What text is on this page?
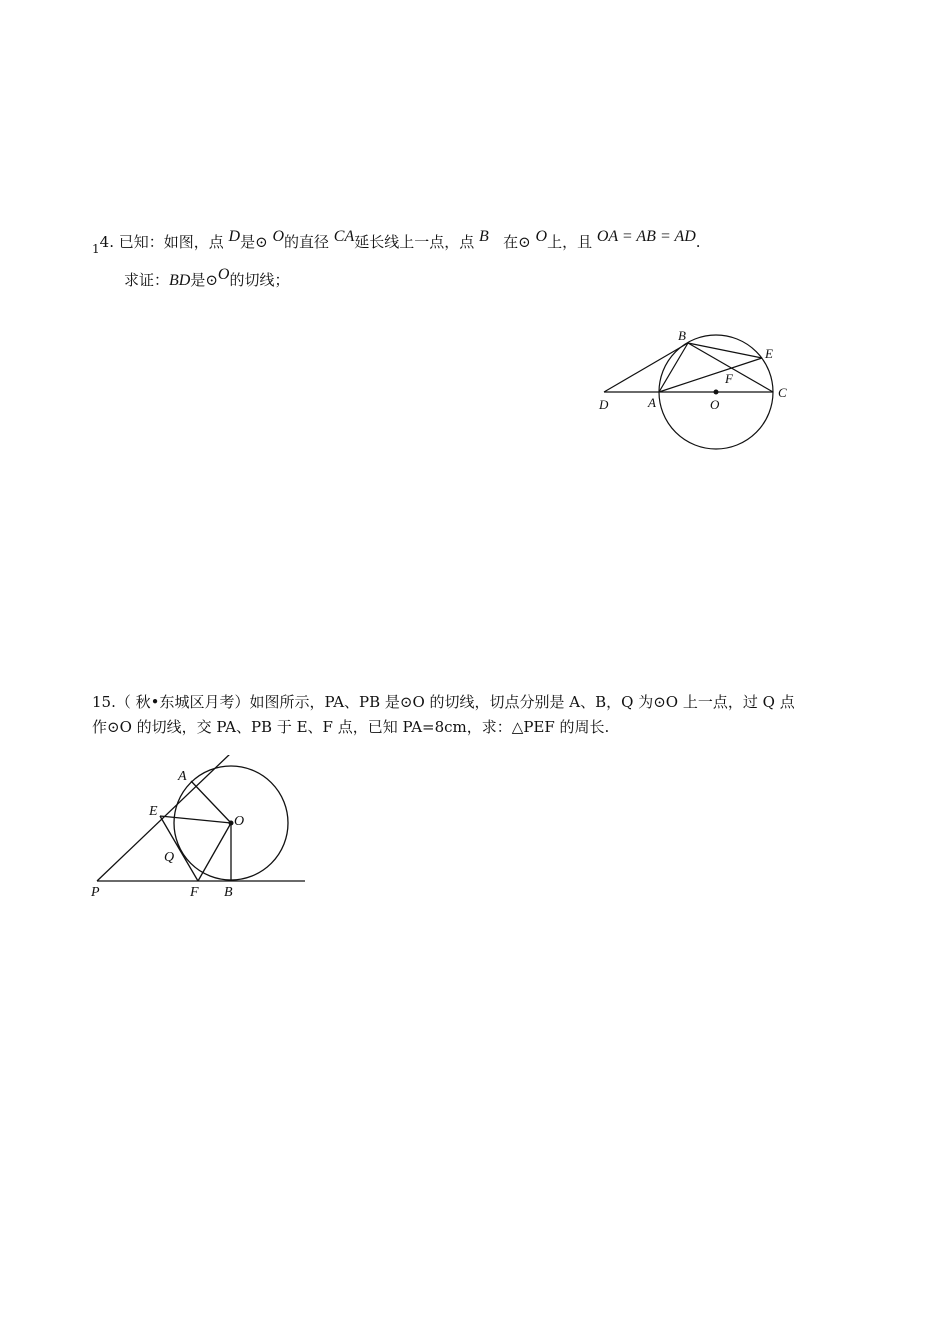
$_1$4. 已知：如图，点 D是⊙ O的直径 CA延长线上一点，点 B 在⊙ O上，且 OA = AB = AD.
求证：BD是⊙O的切线；
B
E
F
D	A	O
C
15.（ 秋•东城区月考）如图所示，PA、PB 是⊙O 的切线，切点分别是 A、B，Q 为⊙O 上一点，过 Q 点
作⊙O 的切线，交 PA、PB 于 E、F 点，已知 PA=8cm，求：△PEF 的周长.
A
E
O
Q
P	F B
